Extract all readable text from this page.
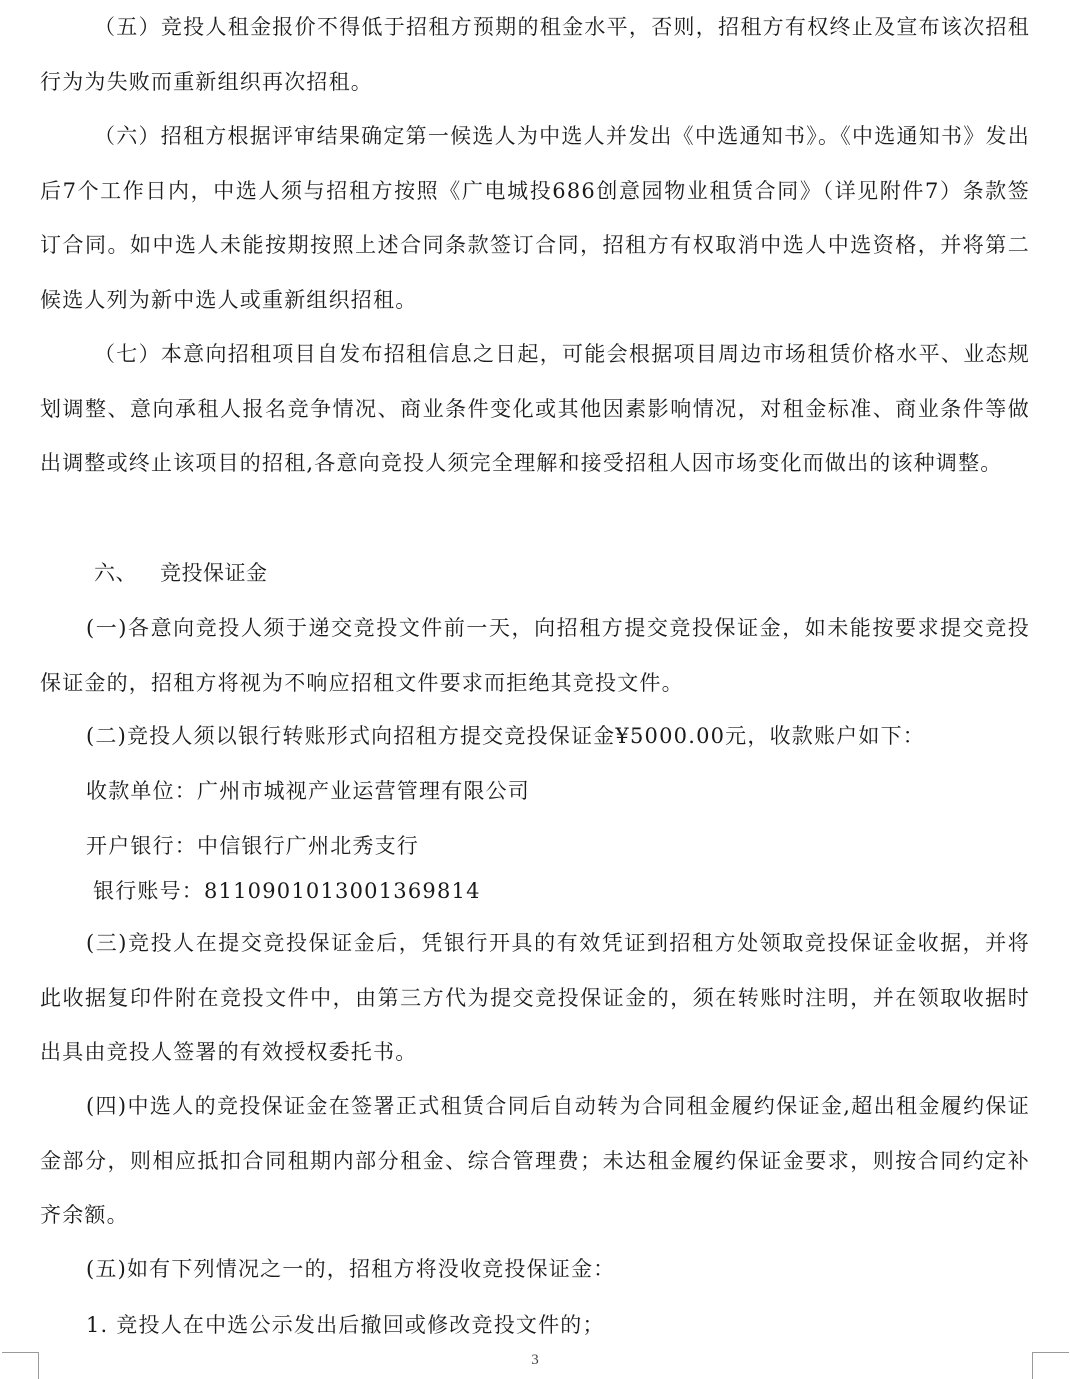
（五）竞投人租金报价不得低于招租方预期的租金水平，否则，招租方有权终止及宣布该次招租行为为失败而重新组织再次招租。

（六）招租方根据评审结果确定第一候选人为中选人并发出《中选通知书》。《中选通知书》发出后7个工作日内，中选人须与招租方按照《广电城投686创意园物业租赁合同》（详见附件7）条款签订合同。如中选人未能按期按照上述合同条款签订合同，招租方有权取消中选人中选资格，并将第二候选人列为新中选人或重新组织招租。

（七）本意向招租项目自发布招租信息之日起，可能会根据项目周边市场租赁价格水平、业态规划调整、意向承租人报名竞争情况、商业条件变化或其他因素影响情况，对租金标准、商业条件等做出调整或终止该项目的招租,各意向竞投人须完全理解和接受招租人因市场变化而做出的该种调整。

六、 竞投保证金

(一)各意向竞投人须于递交竞投文件前一天，向招租方提交竞投保证金，如未能按要求提交竞投保证金的，招租方将视为不响应招租文件要求而拒绝其竞投文件。

(二)竞投人须以银行转账形式向招租方提交竞投保证金¥5000.00元，收款账户如下：

收款单位：广州市城视产业运营管理有限公司

开户银行：中信银行广州北秀支行

银行账号：8110901013001369814

(三)竞投人在提交竞投保证金后，凭银行开具的有效凭证到招租方处领取竞投保证金收据，并将此收据复印件附在竞投文件中，由第三方代为提交竞投保证金的，须在转账时注明，并在领取收据时出具由竞投人签署的有效授权委托书。

(四)中选人的竞投保证金在签署正式租赁合同后自动转为合同租金履约保证金,超出租金履约保证金部分，则相应抵扣合同租期内部分租金、综合管理费；未达租金履约保证金要求，则按合同约定补齐余额。

(五)如有下列情况之一的，招租方将没收竞投保证金：

1. 竞投人在中选公示发出后撤回或修改竞投文件的；

3
